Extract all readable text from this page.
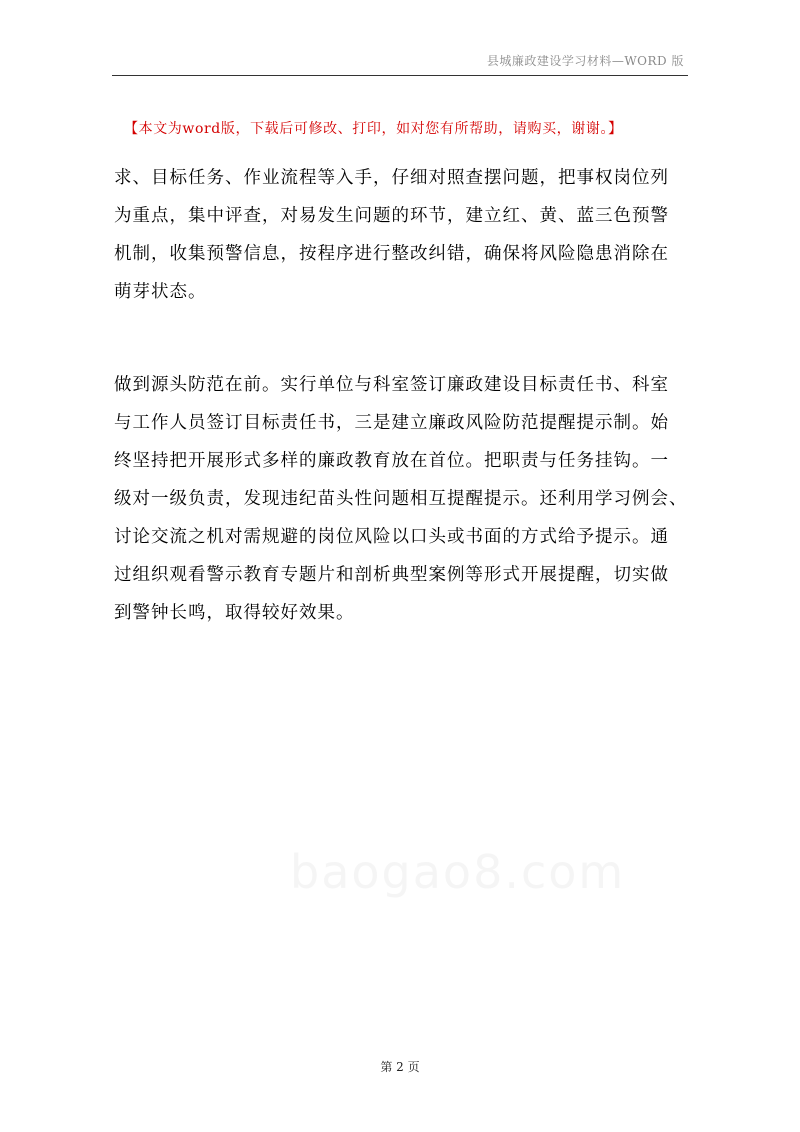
县城廉政建设学习材料—WORD 版
【本文为word版，下载后可修改、打印，如对您有所帮助，请购买，谢谢。】

求、目标任务、作业流程等入手，仔细对照查摆问题，把事权岗位列
为重点，集中评查，对易发生问题的环节，建立红、黄、蓝三色预警
机制，收集预警信息，按程序进行整改纠错，确保将风险隐患消除在
萌芽状态。

做到源头防范在前。实行单位与科室签订廉政建设目标责任书、科室
与工作人员签订目标责任书，三是建立廉政风险防范提醒提示制。始
终坚持把开展形式多样的廉政教育放在首位。把职责与任务挂钩。一
级对一级负责，发现违纪苗头性问题相互提醒提示。还利用学习例会、
讨论交流之机对需规避的岗位风险以口头或书面的方式给予提示。通
过组织观看警示教育专题片和剖析典型案例等形式开展提醒，切实做
到警钟长鸣，取得较好效果。

baogao8.com
第 2 页
